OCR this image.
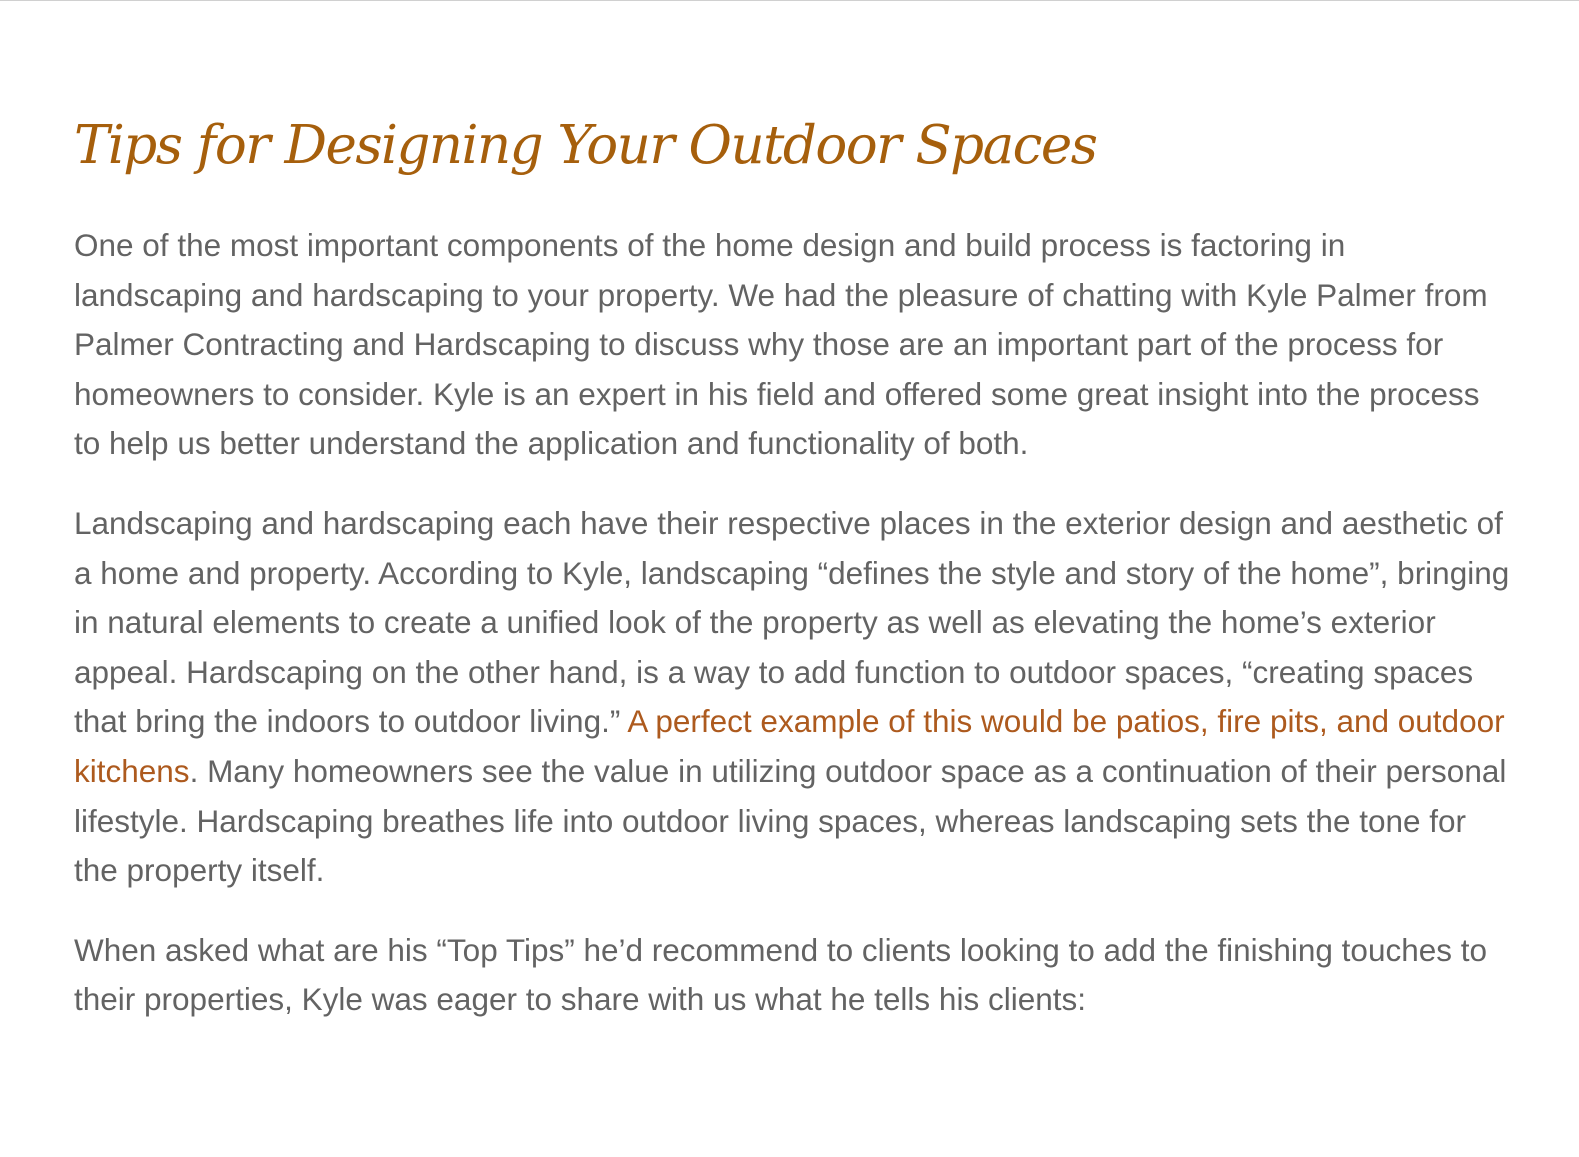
Tips for Designing Your Outdoor Spaces

One of the most important components of the home design and build process is factoring in landscaping and hardscaping to your property. We had the pleasure of chatting with Kyle Palmer from Palmer Contracting and Hardscaping to discuss why those are an important part of the process for homeowners to consider. Kyle is an expert in his field and offered some great insight into the process to help us better understand the application and functionality of both.

Landscaping and hardscaping each have their respective places in the exterior design and aesthetic of a home and property. According to Kyle, landscaping “defines the style and story of the home”, bringing in natural elements to create a unified look of the property as well as elevating the home’s exterior appeal. Hardscaping on the other hand, is a way to add function to outdoor spaces, “creating spaces that bring the indoors to outdoor living.” A perfect example of this would be patios, fire pits, and outdoor kitchens. Many homeowners see the value in utilizing outdoor space as a continuation of their personal lifestyle. Hardscaping breathes life into outdoor living spaces, whereas landscaping sets the tone for the property itself.

When asked what are his “Top Tips” he’d recommend to clients looking to add the finishing touches to their properties, Kyle was eager to share with us what he tells his clients:
